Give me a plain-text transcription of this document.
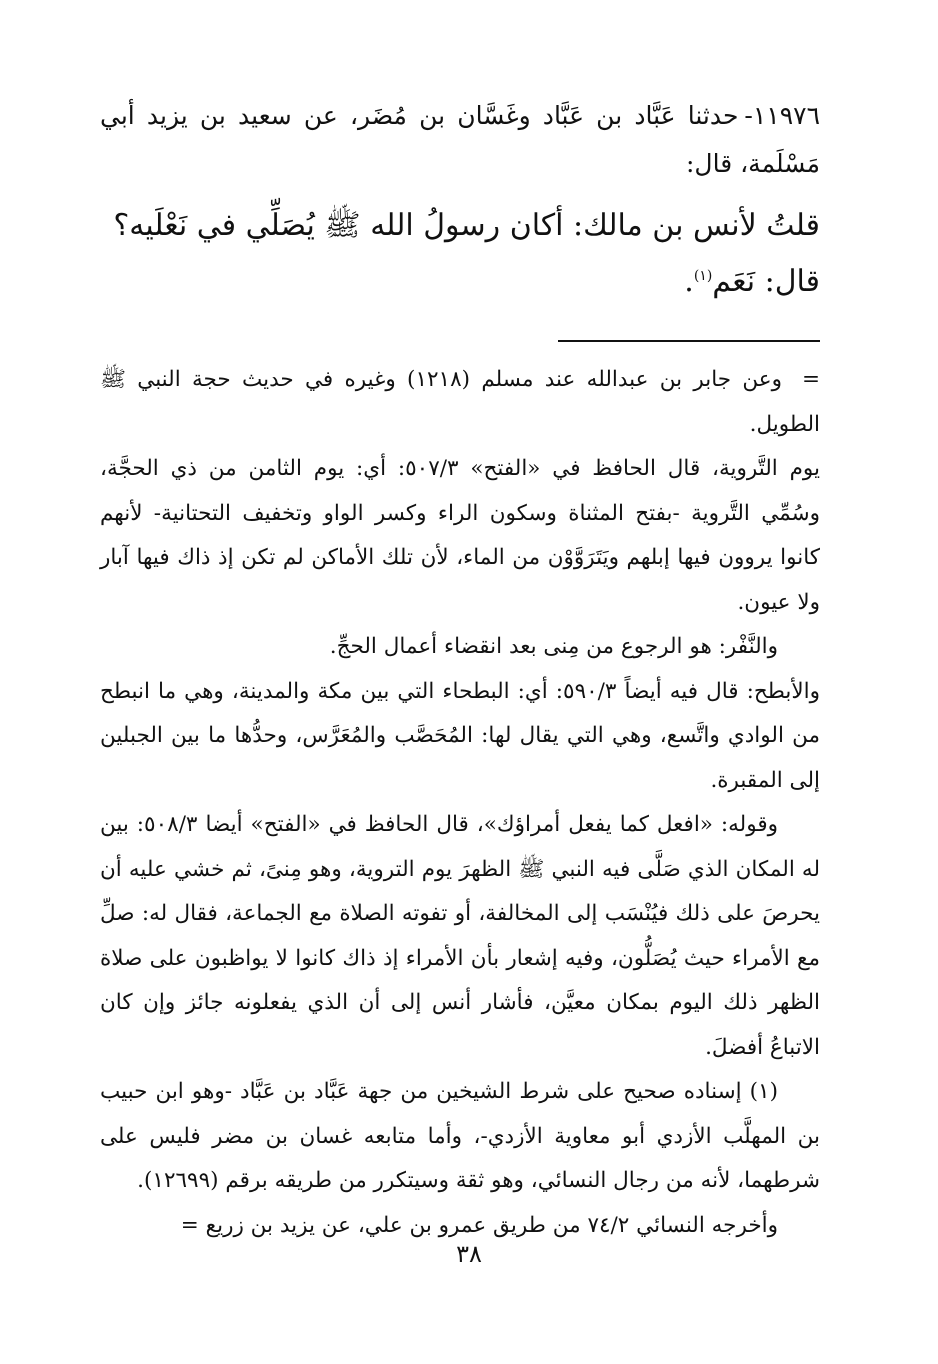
١١٩٧٦-حدثنا عَبَّاد بن عَبَّاد وغَسَّان بن مُضَر، عن سعيد بن يزيد أبي مَسْلَمة، قال:

قلتُ لأنس بن مالك: أكان رسولُ الله ﷺ يُصَلِّي في نَعْلَيه؟
قال: نَعَم$^{(١)}$.

=وعن جابر بن عبدالله عند مسلم (١٢١٨) وغيره في حديث حجة النبي ﷺ الطويل.

يوم التَّروية، قال الحافظ في «الفتح» ٥٠٧/٣: أي: يوم الثامن من ذي الحجَّة، وسُمِّي التَّروية -بفتح المثناة وسكون الراء وكسر الواو وتخفيف التحتانية- لأنهم كانوا يروون فيها إبلهم ويَتَرَوَّوْن من الماء، لأن تلك الأماكن لم تكن إذ ذاك فيها آبار ولا عيون.

والنَّفْر: هو الرجوع من مِنى بعد انقضاء أعمال الحجِّ.

والأبطح: قال فيه أيضاً ٥٩٠/٣: أي: البطحاء التي بين مكة والمدينة، وهي ما انبطح من الوادي واتَّسع، وهي التي يقال لها: المُحَصَّب والمُعَرَّس، وحدُّها ما بين الجبلين إلى المقبرة.

وقوله: «افعل كما يفعل أمراؤك»، قال الحافظ في «الفتح» أيضا ٥٠٨/٣: بين له المكان الذي صَلَّى فيه النبي ﷺ الظهرَ يوم التروية، وهو مِنىً، ثم خشي عليه أن يحرصَ على ذلك فيُنْسَب إلى المخالفة، أو تفوته الصلاة مع الجماعة، فقال له: صلِّ مع الأمراء حيث يُصَلُّون، وفيه إشعار بأن الأمراء إذ ذاك كانوا لا يواظبون على صلاة الظهر ذلك اليوم بمكان معيَّن، فأشار أنس إلى أن الذي يفعلونه جائز وإن كان الاتباعُ أفضلَ.

(١) إسناده صحيح على شرط الشيخين من جهة عَبَّاد بن عَبَّاد -وهو ابن حبيب بن المهلَّب الأزدي أبو معاوية الأزدي-، وأما متابعه غسان بن مضر فليس على شرطهما، لأنه من رجال النسائي، وهو ثقة وسيتكرر من طريقه برقم (١٢٦٩٩).

وأخرجه النسائي ٧٤/٢ من طريق عمرو بن علي، عن يزيد بن زريع =

٣٨
